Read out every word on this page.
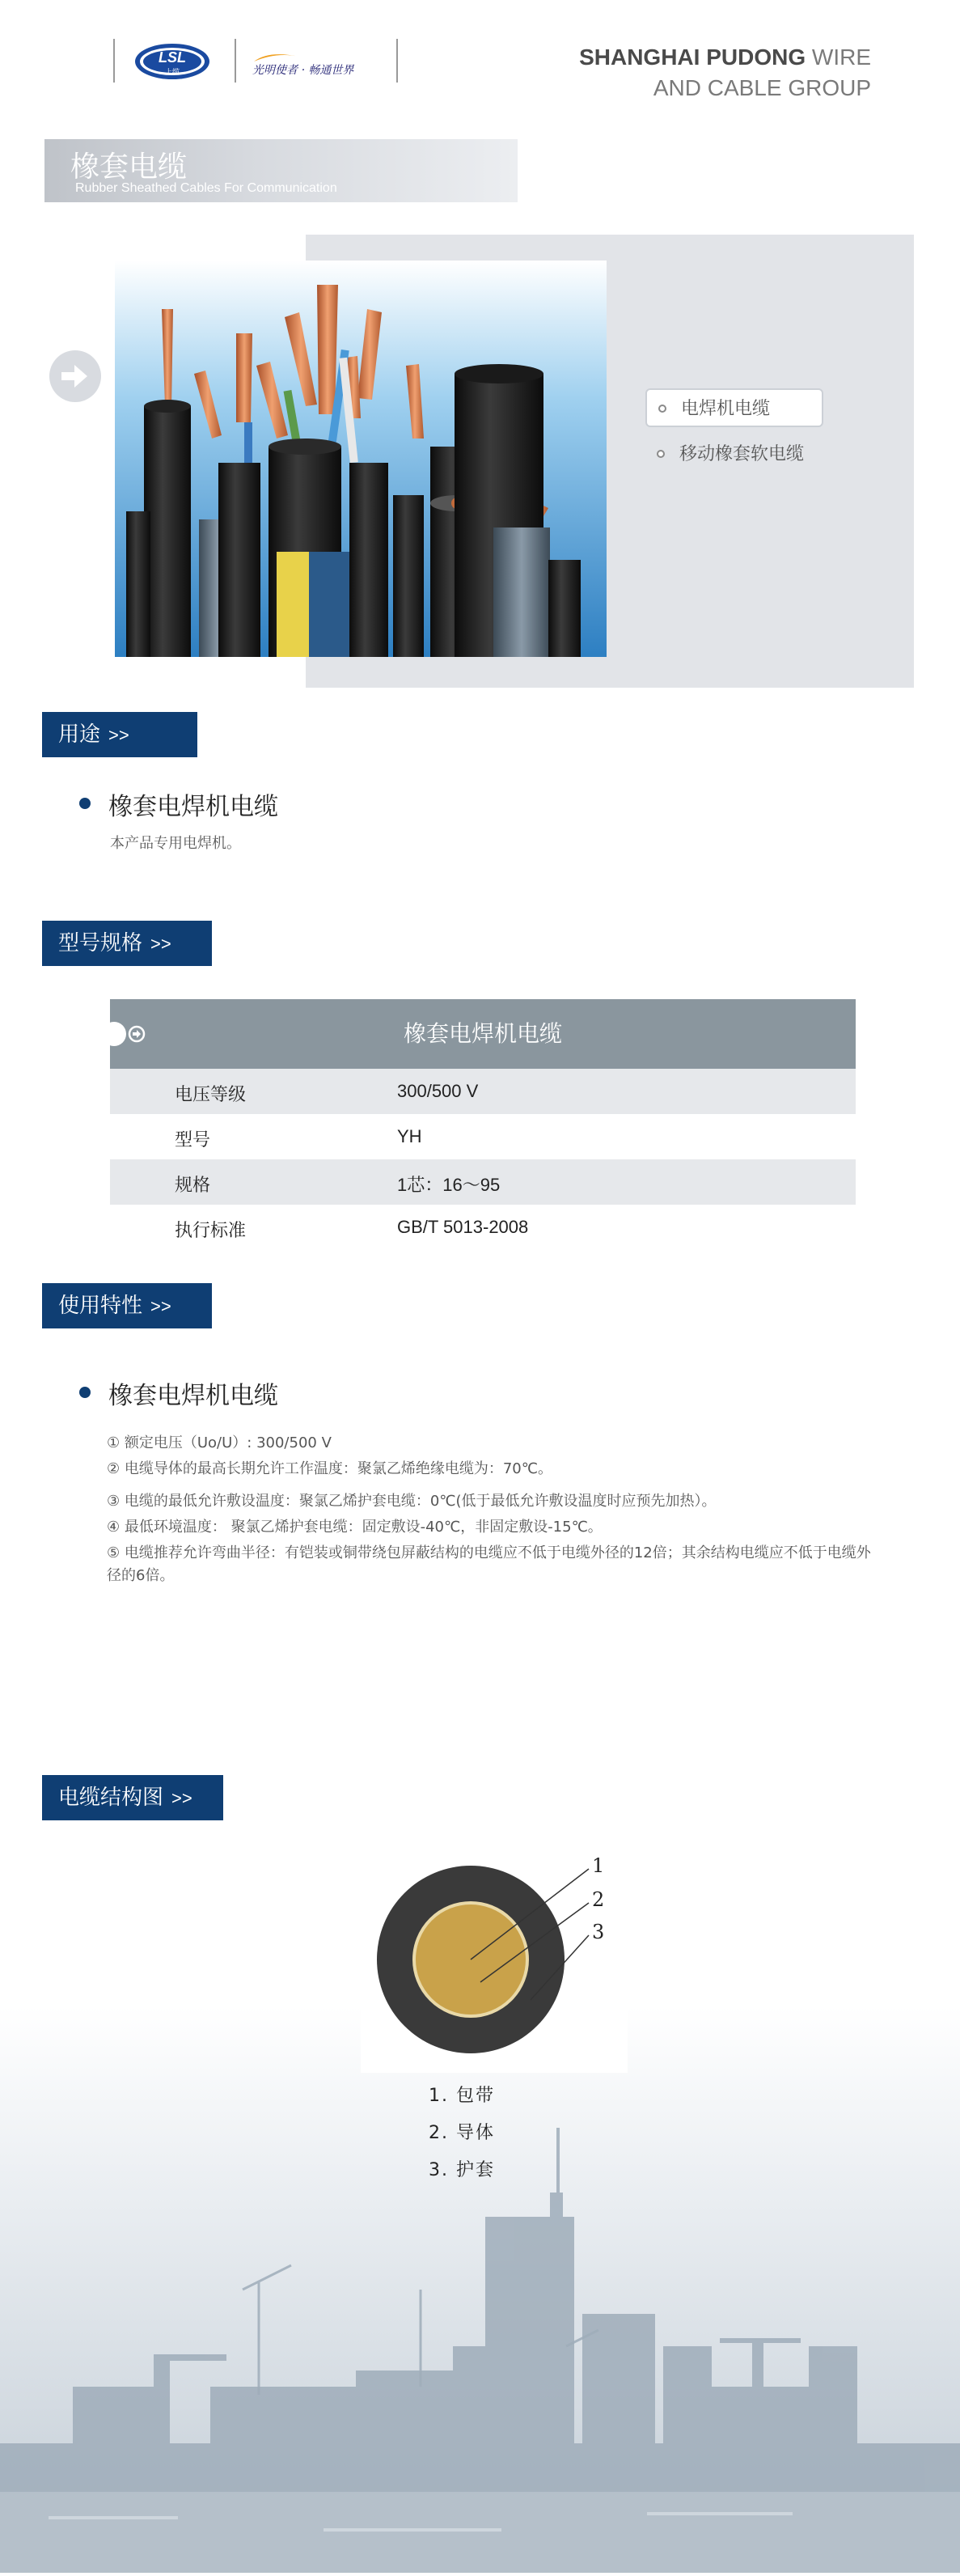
LSL
上缆	光明使者 · 畅通世界
SHANGHAI PUDONG WIRE
AND CABLE GROUP
橡套电缆
Rubber Sheathed Cables For Communication
电焊机电缆
移动橡套软电缆
用途 >>
橡套电焊机电缆
本产品专用电焊机。
型号规格 >>
橡套电焊机电缆
电压等级	300/500 V
型号	YH
规格	1芯：16～95
执行标准	GB/T 5013-2008
使用特性 >>
橡套电焊机电缆

① 额定电压（Uo/U）: 300/500 V

② 电缆导体的最高长期允许工作温度：聚氯乙烯绝缘电缆为：70℃。

③ 电缆的最低允许敷设温度：聚氯乙烯护套电缆：0℃(低于最低允许敷设温度时应预先加热）。

④ 最低环境温度： 聚氯乙烯护套电缆：固定敷设-40℃，非固定敷设-15℃。

⑤ 电缆推荐允许弯曲半径：有铠装或铜带绕包屏蔽结构的电缆应不低于电缆外径的12倍；其余结构电缆应不低于电缆外径的6倍。

电缆结构图 >>
1
2
3
1. 包带
2. 导体
3. 护套
